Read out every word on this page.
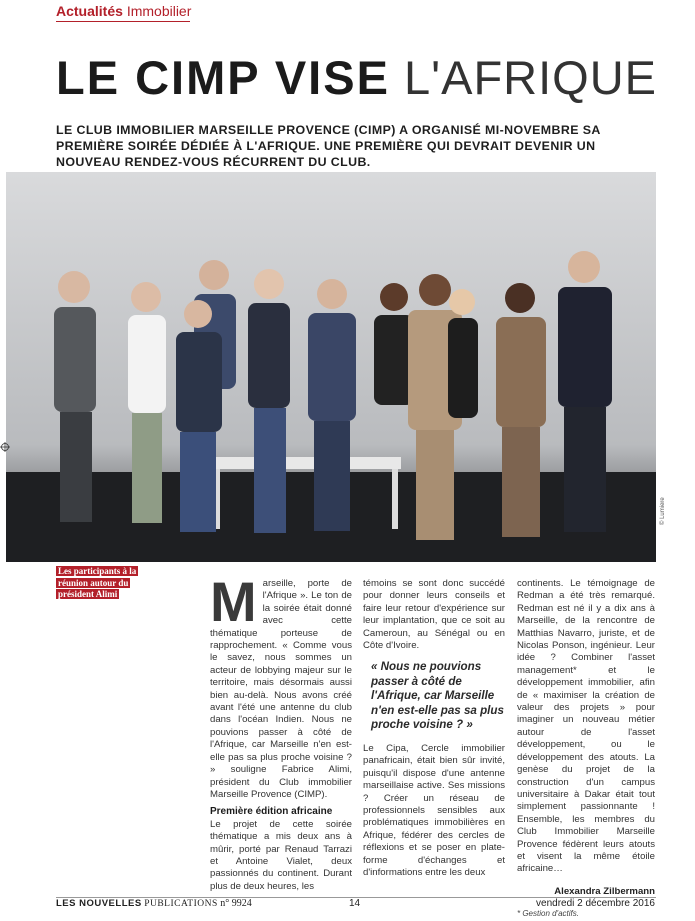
Actualités Immobilier
LE CIMP VISE L'AFRIQUE
LE CLUB IMMOBILIER MARSEILLE PROVENCE (CIMP) A ORGANISÉ MI-NOVEMBRE SA PREMIÈRE SOIRÉE DÉDIÉE À L'AFRIQUE. UNE PREMIÈRE QUI DEVRAIT DEVENIR UN NOUVEAU RENDEZ-VOUS RÉCURRENT DU CLUB.
© Lumiere
Les participants à la réunion autour du président Alimi	Marseille, porte de l'Afrique ». Le ton de la soirée était donné avec cette thématique porteuse de rapprochement. « Comme vous le savez, nous sommes un acteur de lobbying majeur sur le territoire, mais désormais aussi bien au-delà. Nous avons créé avant l'été une antenne du club dans l'océan Indien. Nous ne pouvions passer à côté de l'Afrique, car Marseille n'en est-elle pas sa plus proche voisine ? » souligne Fabrice Alimi, président du Club immobilier Marseille Provence (CIMP).

Première édition africaine

Le projet de cette soirée thématique a mis deux ans à mûrir, porté par Renaud Tarrazi et Antoine Vialet, deux passionnés du continent. Durant plus de deux heures, les

témoins se sont donc succédé pour donner leurs conseils et faire leur retour d'expérience sur leur implantation, que ce soit au Cameroun, au Sénégal ou en Côte d'Ivoire.

« Nous ne pouvions passer à côté de l'Afrique, car Marseille n'en est-elle pas sa plus proche voisine ? »

Le Cipa, Cercle immobilier panafricain, était bien sûr invité, puisqu'il dispose d'une antenne marseillaise active. Ses missions ? Créer un réseau de professionnels sensibles aux problématiques immobilières en Afrique, fédérer des cercles de réflexions et se poser en plate-forme d'échanges et d'informations entre les deux

continents. Le témoignage de Redman a été très remarqué. Redman est né il y a dix ans à Marseille, de la rencontre de Matthias Navarro, juriste, et de Nicolas Ponson, ingénieur. Leur idée ? Combiner l'asset management* et le développement immobilier, afin de « maximiser la création de valeur des projets » pour imaginer un nouveau métier autour de l'asset développement, ou le développement des atouts. La genèse du projet de la construction d'un campus universitaire à Dakar était tout simplement passionnante ! Ensemble, les membres du Club Immobilier Marseille Provence fédèrent leurs atouts et visent la même étoile africaine…

Alexandra Zilbermann

* Gestion d'actifs.

LES NOUVELLES PUBLICATIONS n° 9924	14	vendredi 2 décembre 2016
